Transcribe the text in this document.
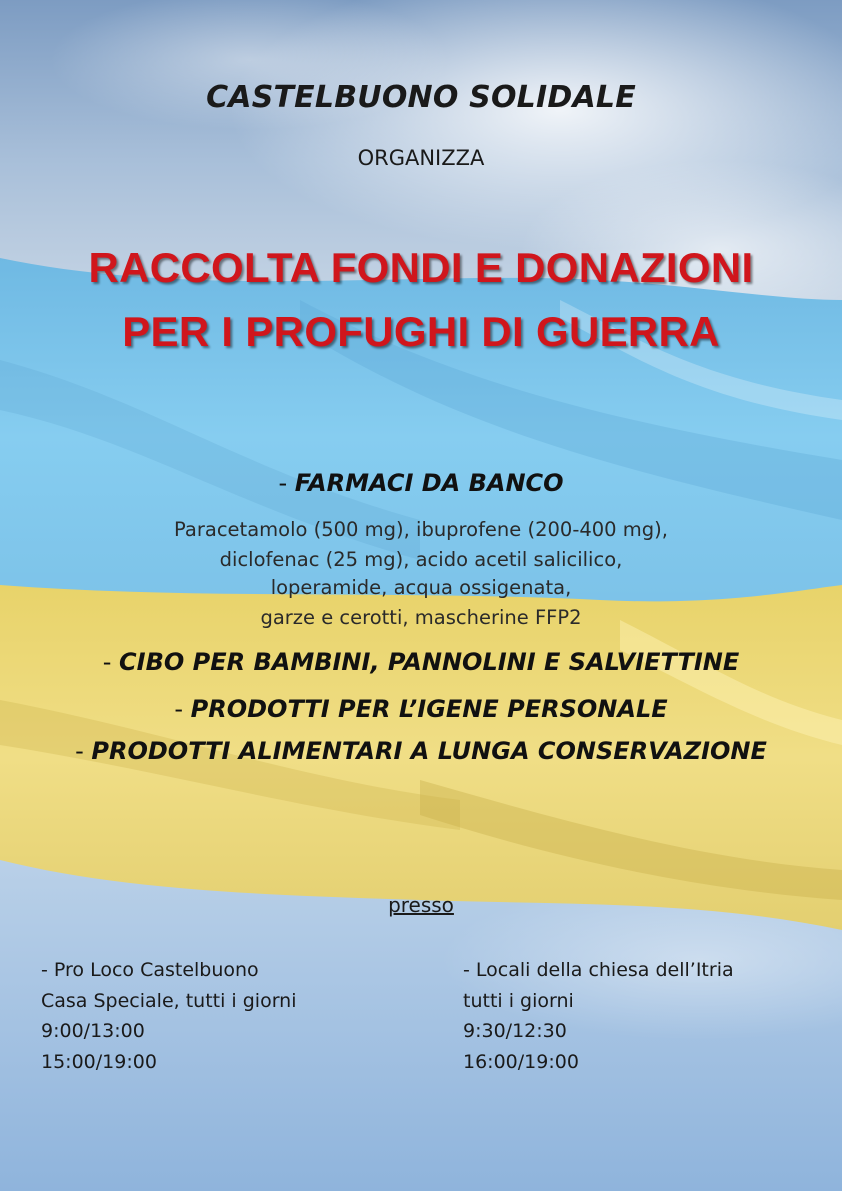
CASTELBUONO SOLIDALE
ORGANIZZA
RACCOLTA FONDI E DONAZIONI
PER I PROFUGHI DI GUERRA
- FARMACI DA BANCO
Paracetamolo (500 mg), ibuprofene (200-400 mg),
diclofenac (25 mg), acido acetil salicilico,
loperamide, acqua ossigenata,
garze e cerotti, mascherine FFP2
- CIBO PER BAMBINI, PANNOLINI E SALVIETTINE
- PRODOTTI PER L’IGENE PERSONALE
- PRODOTTI ALIMENTARI A LUNGA CONSERVAZIONE
presso
- Pro Loco Castelbuono
Casa Speciale, tutti i giorni
9:00/13:00
15:00/19:00
- Locali della chiesa dell’Itria
tutti i giorni
9:30/12:30
16:00/19:00
